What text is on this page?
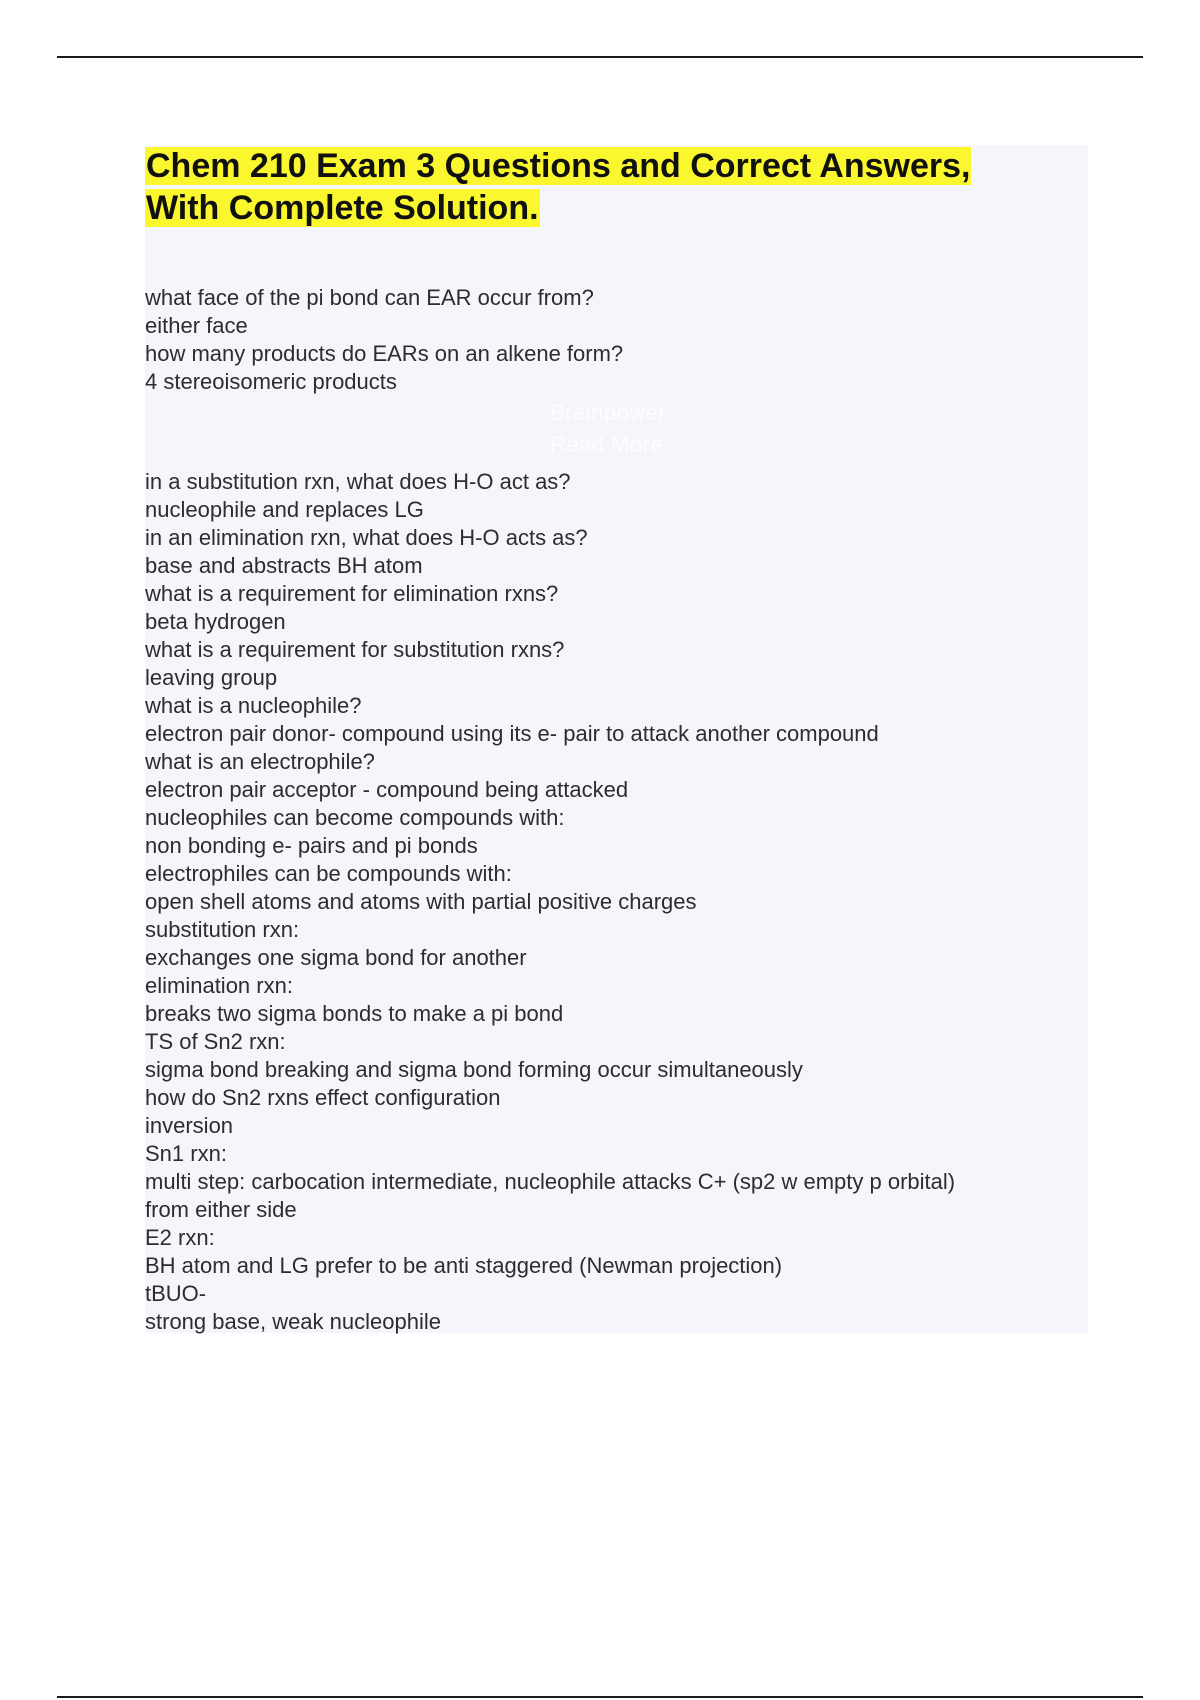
Chem 210 Exam 3 Questions and Correct Answers,
With Complete Solution.
Brainpower
Read More
what face of the pi bond can EAR occur from?
either face
how many products do EARs on an alkene form?
4 stereoisomeric products
in a substitution rxn, what does H-O act as?
nucleophile and replaces LG
in an elimination rxn, what does H-O acts as?
base and abstracts BH atom
what is a requirement for elimination rxns?
beta hydrogen
what is a requirement for substitution rxns?
leaving group
what is a nucleophile?
electron pair donor- compound using its e- pair to attack another compound
what is an electrophile?
electron pair acceptor - compound being attacked
nucleophiles can become compounds with:
non bonding e- pairs and pi bonds
electrophiles can be compounds with:
open shell atoms and atoms with partial positive charges
substitution rxn:
exchanges one sigma bond for another
elimination rxn:
breaks two sigma bonds to make a pi bond
TS of Sn2 rxn:
sigma bond breaking and sigma bond forming occur simultaneously
how do Sn2 rxns effect configuration
inversion
Sn1 rxn:
multi step: carbocation intermediate, nucleophile attacks C+ (sp2 w empty p orbital)
from either side
E2 rxn:
BH atom and LG prefer to be anti staggered (Newman projection)
tBUO-
strong base, weak nucleophile
